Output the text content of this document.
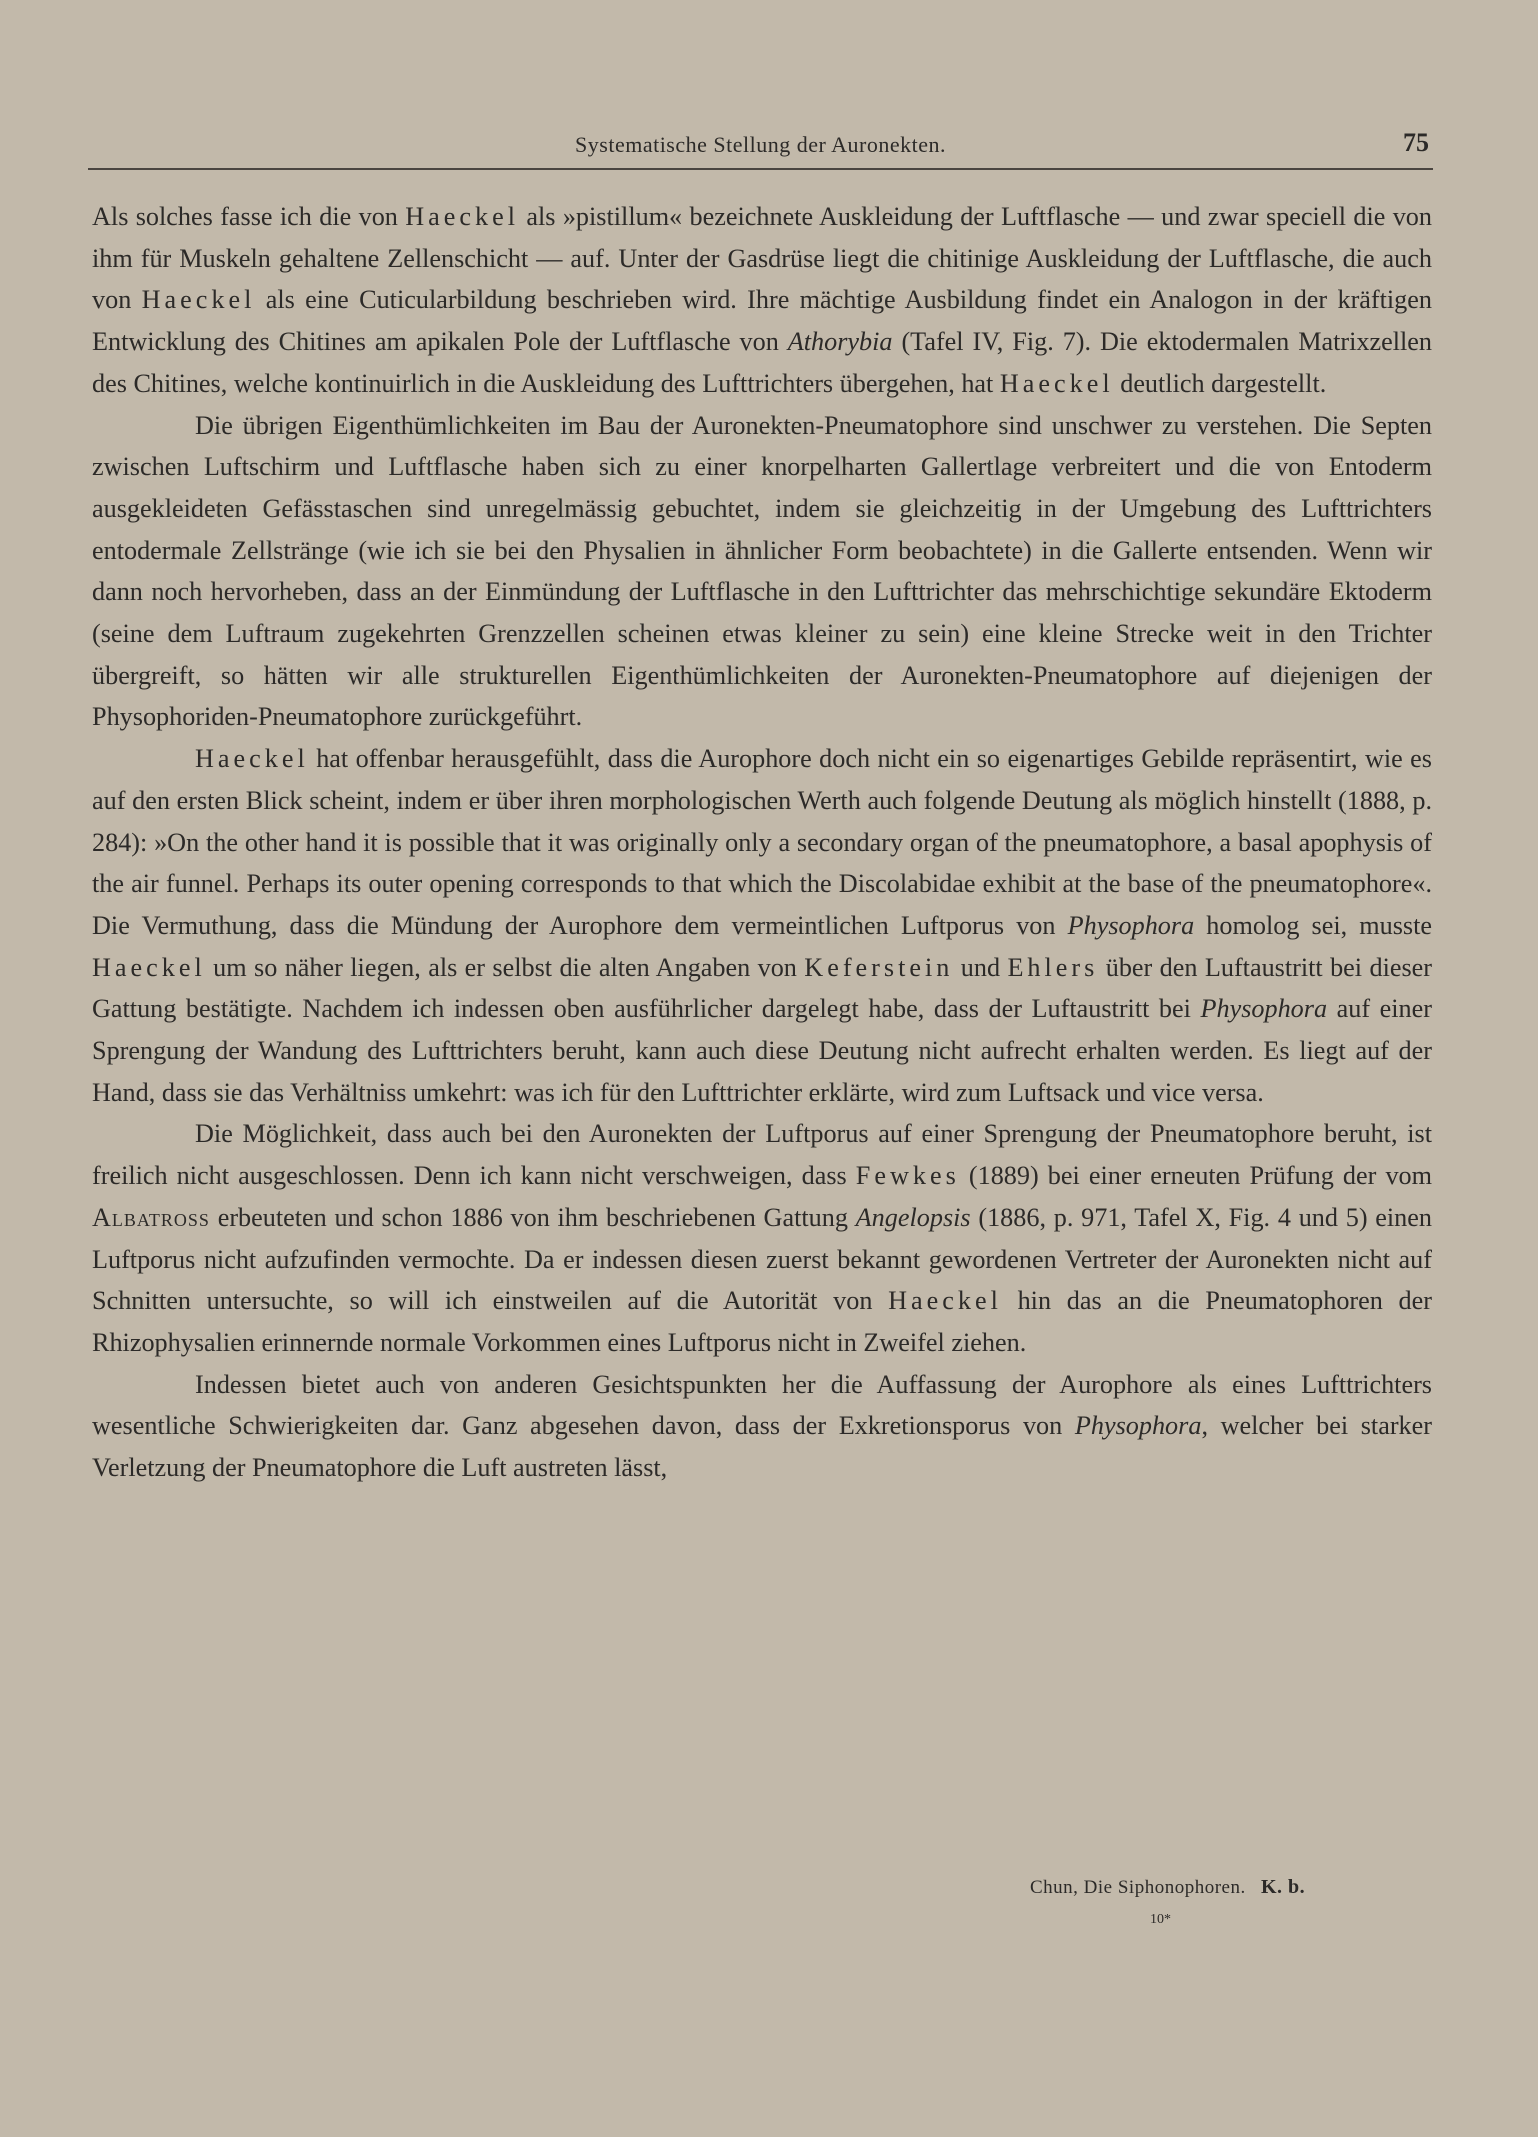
Systematische Stellung der Auronekten.	75

Als solches fasse ich die von Haeckel als »pistillum« bezeichnete Auskleidung der Luftflasche — und zwar speciell die von ihm für Muskeln gehaltene Zellenschicht — auf. Unter der Gasdrüse liegt die chitinige Auskleidung der Luftflasche, die auch von Haeckel als eine Cuticularbildung beschrieben wird. Ihre mächtige Ausbildung findet ein Analogon in der kräftigen Entwicklung des Chitines am apikalen Pole der Luftflasche von Athorybia (Tafel IV, Fig. 7). Die ektodermalen Matrixzellen des Chitines, welche kontinuirlich in die Auskleidung des Lufttrichters übergehen, hat Haeckel deutlich dargestellt.

Die übrigen Eigenthümlichkeiten im Bau der Auronekten-Pneumatophore sind unschwer zu verstehen. Die Septen zwischen Luftschirm und Luftflasche haben sich zu einer knorpelharten Gallertlage verbreitert und die von Entoderm ausgekleideten Gefässtaschen sind unregelmässig gebuchtet, indem sie gleichzeitig in der Umgebung des Lufttrichters entodermale Zellstränge (wie ich sie bei den Physalien in ähnlicher Form beobachtete) in die Gallerte entsenden. Wenn wir dann noch hervorheben, dass an der Einmündung der Luftflasche in den Lufttrichter das mehrschichtige sekundäre Ektoderm (seine dem Luftraum zugekehrten Grenzzellen scheinen etwas kleiner zu sein) eine kleine Strecke weit in den Trichter übergreift, so hätten wir alle strukturellen Eigenthümlichkeiten der Auronekten-Pneumatophore auf diejenigen der Physophoriden-Pneumatophore zurückgeführt.

Haeckel hat offenbar herausgefühlt, dass die Aurophore doch nicht ein so eigenartiges Gebilde repräsentirt, wie es auf den ersten Blick scheint, indem er über ihren morphologischen Werth auch folgende Deutung als möglich hinstellt (1888, p. 284): »On the other hand it is possible that it was originally only a secondary organ of the pneumatophore, a basal apophysis of the air funnel. Perhaps its outer opening corresponds to that which the Discolabidae exhibit at the base of the pneumatophore«. Die Vermuthung, dass die Mündung der Aurophore dem vermeintlichen Luftporus von Physophora homolog sei, musste Haeckel um so näher liegen, als er selbst die alten Angaben von Keferstein und Ehlers über den Luftaustritt bei dieser Gattung bestätigte. Nachdem ich indessen oben ausführlicher dargelegt habe, dass der Luftaustritt bei Physophora auf einer Sprengung der Wandung des Lufttrichters beruht, kann auch diese Deutung nicht aufrecht erhalten werden. Es liegt auf der Hand, dass sie das Verhältniss umkehrt: was ich für den Lufttrichter erklärte, wird zum Luftsack und vice versa.

Die Möglichkeit, dass auch bei den Auronekten der Luftporus auf einer Sprengung der Pneumatophore beruht, ist freilich nicht ausgeschlossen. Denn ich kann nicht verschweigen, dass Fewkes (1889) bei einer erneuten Prüfung der vom Albatross erbeuteten und schon 1886 von ihm beschriebenen Gattung Angelopsis (1886, p. 971, Tafel X, Fig. 4 und 5) einen Luftporus nicht aufzufinden vermochte. Da er indessen diesen zuerst bekannt gewordenen Vertreter der Auronekten nicht auf Schnitten untersuchte, so will ich einstweilen auf die Autorität von Haeckel hin das an die Pneumatophoren der Rhizophysalien erinnernde normale Vorkommen eines Luftporus nicht in Zweifel ziehen.

Indessen bietet auch von anderen Gesichtspunkten her die Auffassung der Aurophore als eines Lufttrichters wesentliche Schwierigkeiten dar. Ganz abgesehen davon, dass der Exkretionsporus von Physophora, welcher bei starker Verletzung der Pneumatophore die Luft austreten lässt,

Chun, Die Siphonophoren. K. b.
10*
